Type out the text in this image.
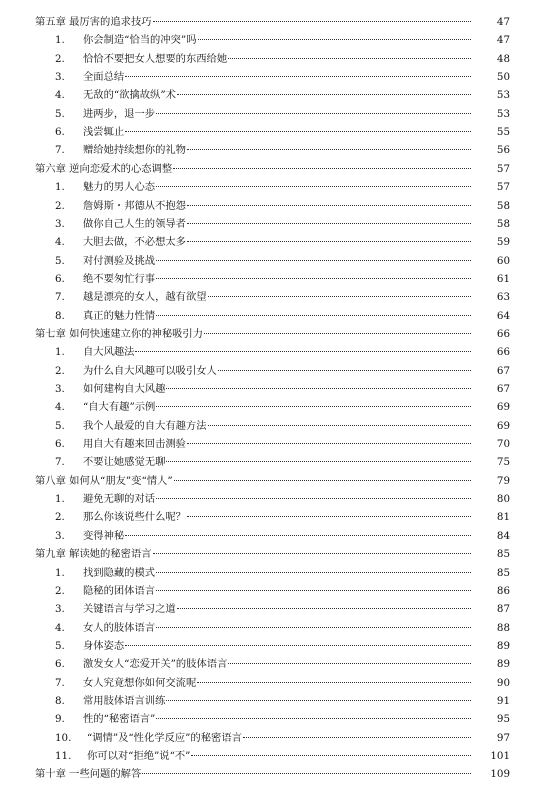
第五章 最厉害的追求技巧	47
1.	你会制造“恰当的冲突”吗	47
2.	恰恰不要把女人想要的东西给她	48
3.	全面总结	50
4.	无敌的“欲擒故纵”术	53
5.	进两步，退一步	53
6.	浅尝辄止	55
7.	赠给她持续想你的礼物	56
第六章 逆向恋爱术的心态调整	57
1.	魅力的男人心态	57
2.	詹姆斯・邦德从不抱怨	58
3.	做你自己人生的领导者	58
4.	大胆去做，不必想太多	59
5.	对付测验及挑战	60
6.	绝不要匆忙行事	61
7.	越是漂亮的女人，越有欲望	63
8.	真正的魅力性情	64
第七章 如何快速建立你的神秘吸引力	66
1.	自大风趣法	66
2.	为什么自大风趣可以吸引女人	67
3.	如何建构自大风趣	67
4.	“自大有趣”示例	69
5.	我个人最爱的自大有趣方法	69
6.	用自大有趣来回击测验	70
7.	不要让她感觉无聊	75
第八章 如何从“朋友”变“情人”	79
1.	避免无聊的对话	80
2.	那么你该说些什么呢？	81
3.	变得神秘	84
第九章 解读她的秘密语言	85
1.	找到隐藏的模式	85
2.	隐秘的团体语言	86
3.	关键语言与学习之道	87
4.	女人的肢体语言	88
5.	身体姿态	89
6.	激发女人“恋爱开关”的肢体语言	89
7.	女人究竟想你如何交流呢	90
8.	常用肢体语言训练	91
9.	性的“秘密语言”	95
10.	“调情”及“性化学反应”的秘密语言	97
11.	你可以对“拒绝”说“不”	101
第十章 一些问题的解答	109
